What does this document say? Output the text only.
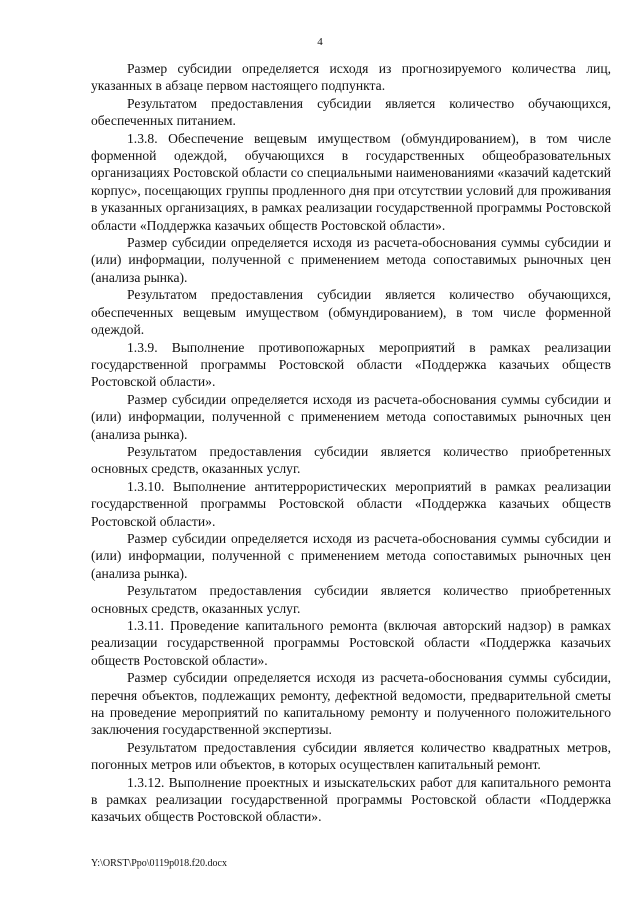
4

Размер субсидии определяется исходя из прогнозируемого количества лиц, указанных в абзаце первом настоящего подпункта.

Результатом предоставления субсидии является количество обучающихся, обеспеченных питанием.

1.3.8. Обеспечение вещевым имуществом (обмундированием), в том числе форменной одеждой, обучающихся в государственных общеобразовательных организациях Ростовской области со специальными наименованиями «казачий кадетский корпус», посещающих группы продленного дня при отсутствии условий для проживания в указанных организациях, в рамках реализации государственной программы Ростовской области «Поддержка казачьих обществ Ростовской области».

Размер субсидии определяется исходя из расчета-обоснования суммы субсидии и (или) информации, полученной с применением метода сопоставимых рыночных цен (анализа рынка).

Результатом предоставления субсидии является количество обучающихся, обеспеченных вещевым имуществом (обмундированием), в том числе форменной одеждой.

1.3.9. Выполнение противопожарных мероприятий в рамках реализации государственной программы Ростовской области «Поддержка казачьих обществ Ростовской области».

Размер субсидии определяется исходя из расчета-обоснования суммы субсидии и (или) информации, полученной с применением метода сопоставимых рыночных цен (анализа рынка).

Результатом предоставления субсидии является количество приобретенных основных средств, оказанных услуг.

1.3.10. Выполнение антитеррористических мероприятий в рамках реализации государственной программы Ростовской области «Поддержка казачьих обществ Ростовской области».

Размер субсидии определяется исходя из расчета-обоснования суммы субсидии и (или) информации, полученной с применением метода сопоставимых рыночных цен (анализа рынка).

Результатом предоставления субсидии является количество приобретенных основных средств, оказанных услуг.

1.3.11. Проведение капитального ремонта (включая авторский надзор) в рамках реализации государственной программы Ростовской области «Поддержка казачьих обществ Ростовской области».

Размер субсидии определяется исходя из расчета-обоснования суммы субсидии, перечня объектов, подлежащих ремонту, дефектной ведомости, предварительной сметы на проведение мероприятий по капитальному ремонту и полученного положительного заключения государственной экспертизы.

Результатом предоставления субсидии является количество квадратных метров, погонных метров или объектов, в которых осуществлен капитальный ремонт.

1.3.12. Выполнение проектных и изыскательских работ для капитального ремонта в рамках реализации государственной программы Ростовской области «Поддержка казачьих обществ Ростовской области».

Y:\ORST\Ppo\0119p018.f20.docx
